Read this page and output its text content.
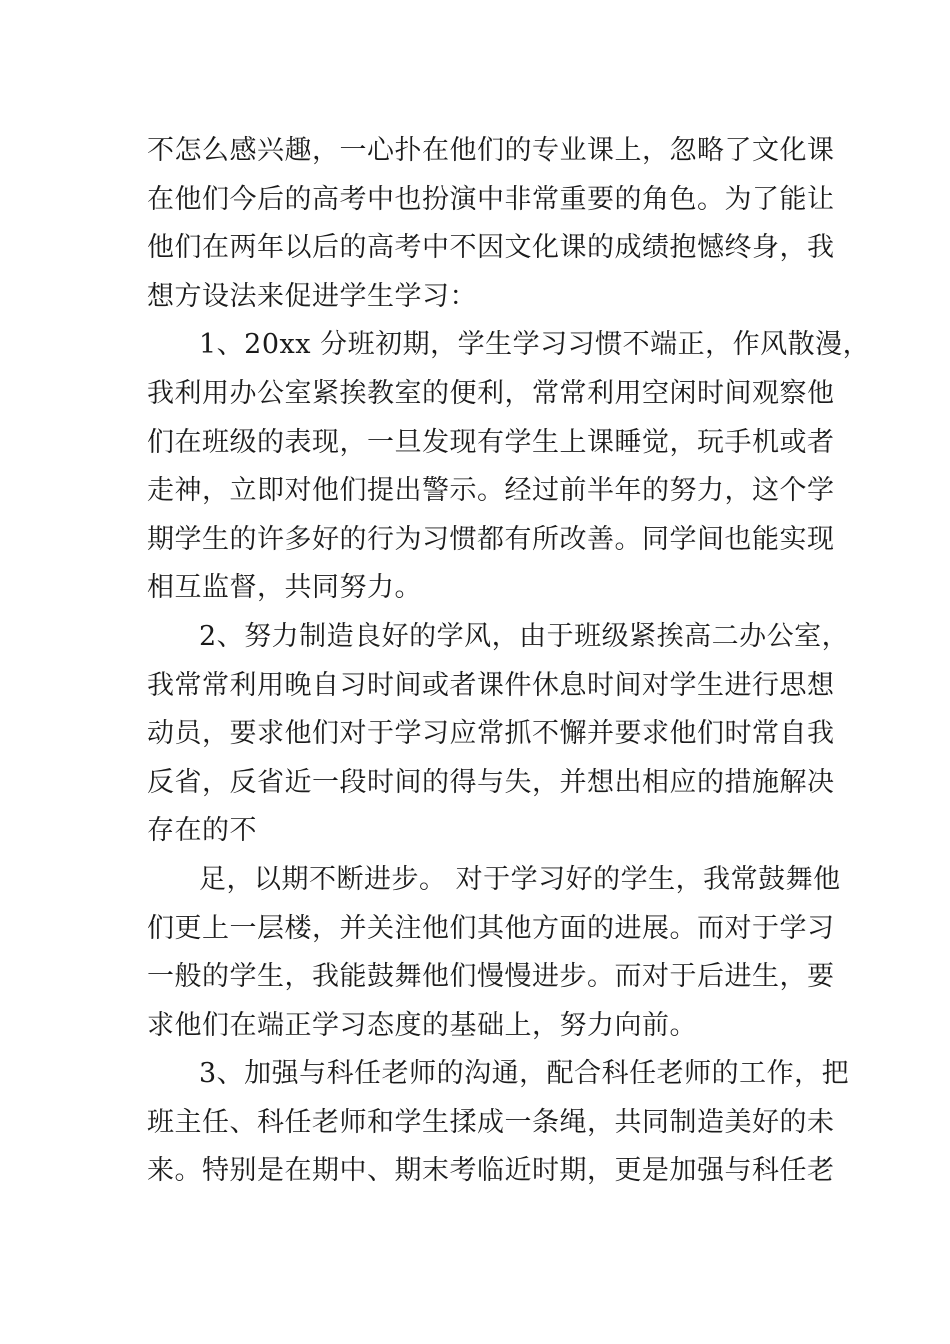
不怎么感兴趣，一心扑在他们的专业课上，忽略了文化课
在他们今后的高考中也扮演中非常重要的角色。为了能让
他们在两年以后的高考中不因文化课的成绩抱憾终身，我
想方设法来促进学生学习：
1、20xx 分班初期，学生学习习惯不端正，作风散漫，
我利用办公室紧挨教室的便利，常常利用空闲时间观察他
们在班级的表现，一旦发现有学生上课睡觉，玩手机或者
走神，立即对他们提出警示。经过前半年的努力，这个学
期学生的许多好的行为习惯都有所改善。同学间也能实现
相互监督，共同努力。
2、努力制造良好的学风，由于班级紧挨高二办公室，
我常常利用晚自习时间或者课件休息时间对学生进行思想
动员，要求他们对于学习应常抓不懈并要求他们时常自我
反省，反省近一段时间的得与失，并想出相应的措施解决
存在的不
足，以期不断进步。 对于学习好的学生，我常鼓舞他
们更上一层楼，并关注他们其他方面的进展。而对于学习
一般的学生，我能鼓舞他们慢慢进步。而对于后进生，要
求他们在端正学习态度的基础上，努力向前。
3、加强与科任老师的沟通，配合科任老师的工作，把
班主任、科任老师和学生揉成一条绳，共同制造美好的未
来。特别是在期中、期末考临近时期，更是加强与科任老
